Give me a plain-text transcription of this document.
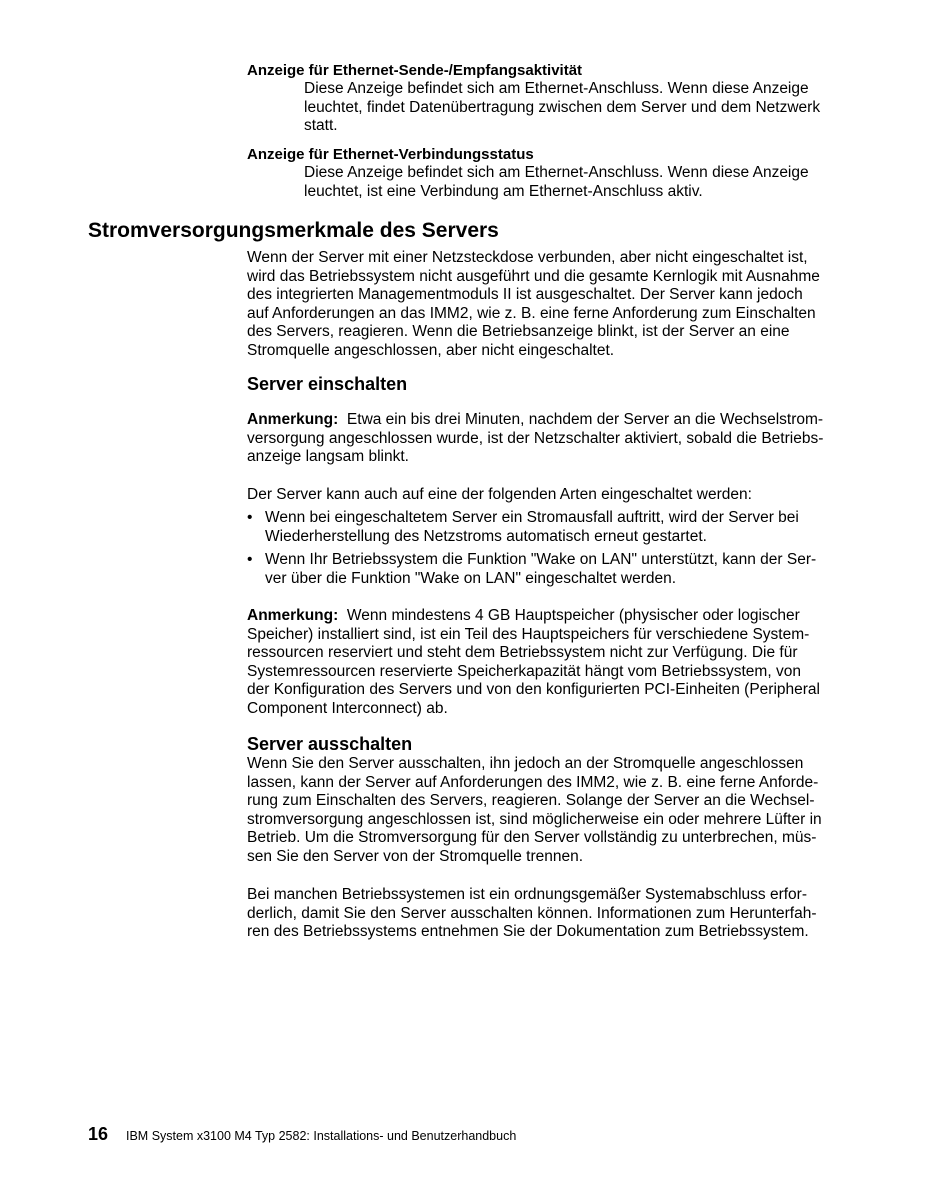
Anzeige für Ethernet-Sende-/Empfangsaktivität
Diese Anzeige befindet sich am Ethernet-Anschluss. Wenn diese Anzeige
leuchtet, findet Datenübertragung zwischen dem Server und dem Netzwerk
statt.
Anzeige für Ethernet-Verbindungsstatus
Diese Anzeige befindet sich am Ethernet-Anschluss. Wenn diese Anzeige
leuchtet, ist eine Verbindung am Ethernet-Anschluss aktiv.
Stromversorgungsmerkmale des Servers
Wenn der Server mit einer Netzsteckdose verbunden, aber nicht eingeschaltet ist,
wird das Betriebssystem nicht ausgeführt und die gesamte Kernlogik mit Ausnahme
des integrierten Managementmoduls II ist ausgeschaltet. Der Server kann jedoch
auf Anforderungen an das IMM2, wie z. B. eine ferne Anforderung zum Einschalten
des Servers, reagieren. Wenn die Betriebsanzeige blinkt, ist der Server an eine
Stromquelle angeschlossen, aber nicht eingeschaltet.
Server einschalten
Anmerkung: Etwa ein bis drei Minuten, nachdem der Server an die Wechselstrom-
versorgung angeschlossen wurde, ist der Netzschalter aktiviert, sobald die Betriebs-
anzeige langsam blinkt.
Der Server kann auch auf eine der folgenden Arten eingeschaltet werden:
• Wenn bei eingeschaltetem Server ein Stromausfall auftritt, wird der Server bei
Wiederherstellung des Netzstroms automatisch erneut gestartet.
• Wenn Ihr Betriebssystem die Funktion "Wake on LAN" unterstützt, kann der Ser-
ver über die Funktion "Wake on LAN" eingeschaltet werden.
Anmerkung: Wenn mindestens 4 GB Hauptspeicher (physischer oder logischer
Speicher) installiert sind, ist ein Teil des Hauptspeichers für verschiedene System-
ressourcen reserviert und steht dem Betriebssystem nicht zur Verfügung. Die für
Systemressourcen reservierte Speicherkapazität hängt vom Betriebssystem, von
der Konfiguration des Servers und von den konfigurierten PCI-Einheiten (Peripheral
Component Interconnect) ab.
Server ausschalten
Wenn Sie den Server ausschalten, ihn jedoch an der Stromquelle angeschlossen
lassen, kann der Server auf Anforderungen des IMM2, wie z. B. eine ferne Anforde-
rung zum Einschalten des Servers, reagieren. Solange der Server an die Wechsel-
stromversorgung angeschlossen ist, sind möglicherweise ein oder mehrere Lüfter in
Betrieb. Um die Stromversorgung für den Server vollständig zu unterbrechen, müs-
sen Sie den Server von der Stromquelle trennen.
Bei manchen Betriebssystemen ist ein ordnungsgemäßer Systemabschluss erfor-
derlich, damit Sie den Server ausschalten können. Informationen zum Herunterfah-
ren des Betriebssystems entnehmen Sie der Dokumentation zum Betriebssystem.
16 IBM System x3100 M4 Typ 2582: Installations- und Benutzerhandbuch
